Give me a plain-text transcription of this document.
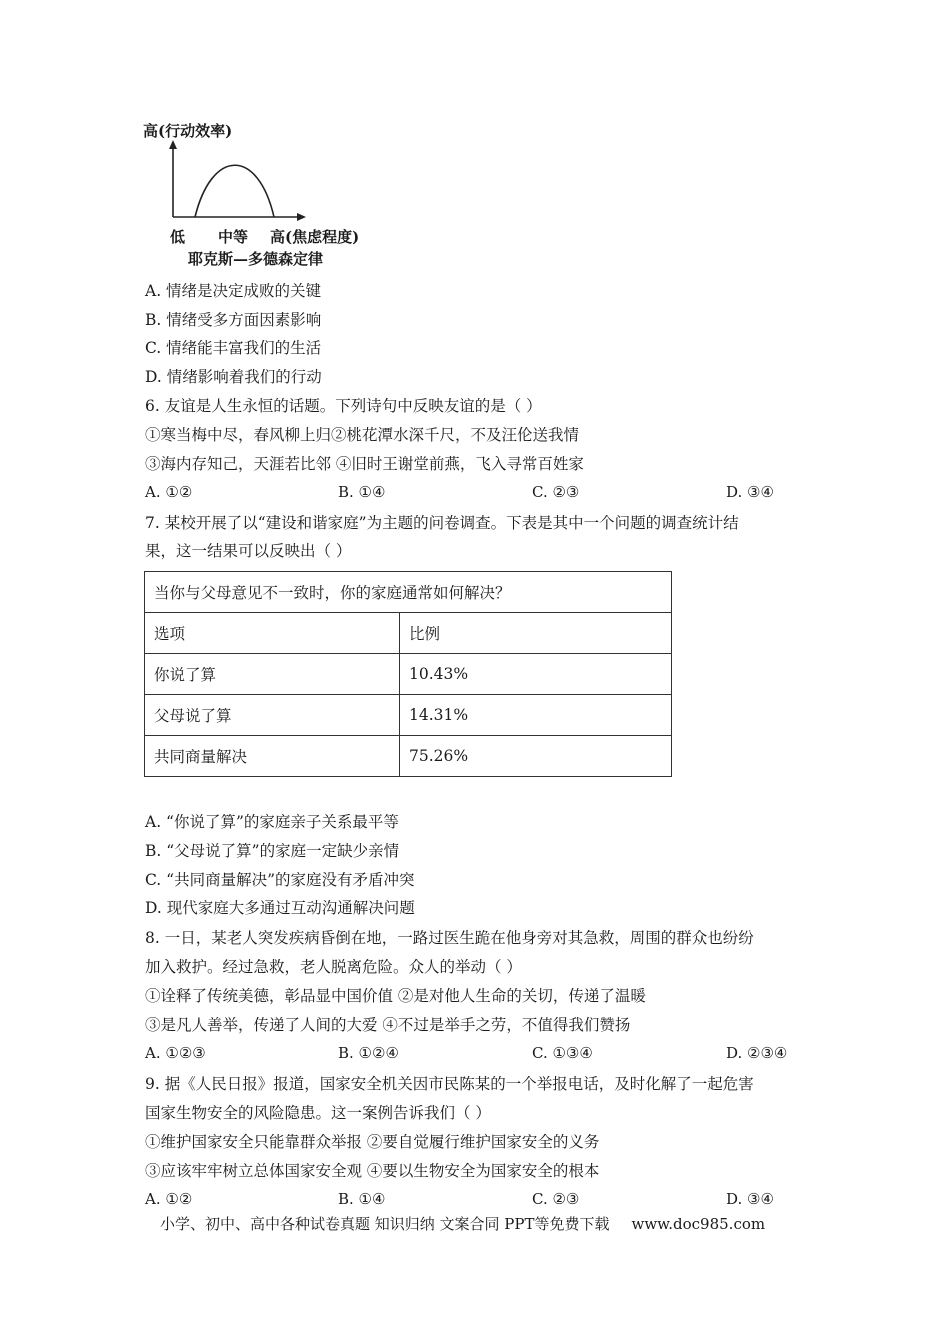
高(行动效率)
低 中等 高(焦虑程度)
耶克斯—多德森定律
A. 情绪是决定成败的关键
B. 情绪受多方面因素影响
C. 情绪能丰富我们的生活
D. 情绪影响着我们的行动
6. 友谊是人生永恒的话题。下列诗句中反映友谊的是（ ）
①寒当梅中尽，春风柳上归②桃花潭水深千尺，不及汪伦送我情
③海内存知己，天涯若比邻 ④旧时王谢堂前燕，飞入寻常百姓家
A. ①②	B. ①④	C. ②③	D. ③④
7. 某校开展了以“建设和谐家庭”为主题的问卷调查。下表是其中一个问题的调查统计结
果，这一结果可以反映出（ ）
当你与父母意见不一致时，你的家庭通常如何解决？	
选项	比例
你说了算	10.43%
父母说了算	14.31%
共同商量解决	75.26%
A. “你说了算”的家庭亲子关系最平等
B. “父母说了算”的家庭一定缺少亲情
C. “共同商量解决”的家庭没有矛盾冲突
D. 现代家庭大多通过互动沟通解决问题
8. 一日，某老人突发疾病昏倒在地，一路过医生跪在他身旁对其急救，周围的群众也纷纷
加入救护。经过急救，老人脱离危险。众人的举动（ ）
①诠释了传统美德，彰品显中国价值 ②是对他人生命的关切，传递了温暖
③是凡人善举，传递了人间的大爱 ④不过是举手之劳，不值得我们赞扬
A. ①②③	B. ①②④	C. ①③④	D. ②③④
9. 据《人民日报》报道，国家安全机关因市民陈某的一个举报电话，及时化解了一起危害
国家生物安全的风险隐患。这一案例告诉我们（ ）
①维护国家安全只能靠群众举报 ②要自觉履行维护国家安全的义务
③应该牢牢树立总体国家安全观 ④要以生物安全为国家安全的根本
A. ①②	B. ①④	C. ②③	D. ③④
小学、初中、高中各种试卷真题 知识归纳 文案合同 PPT等免费下载 www.doc985.com
